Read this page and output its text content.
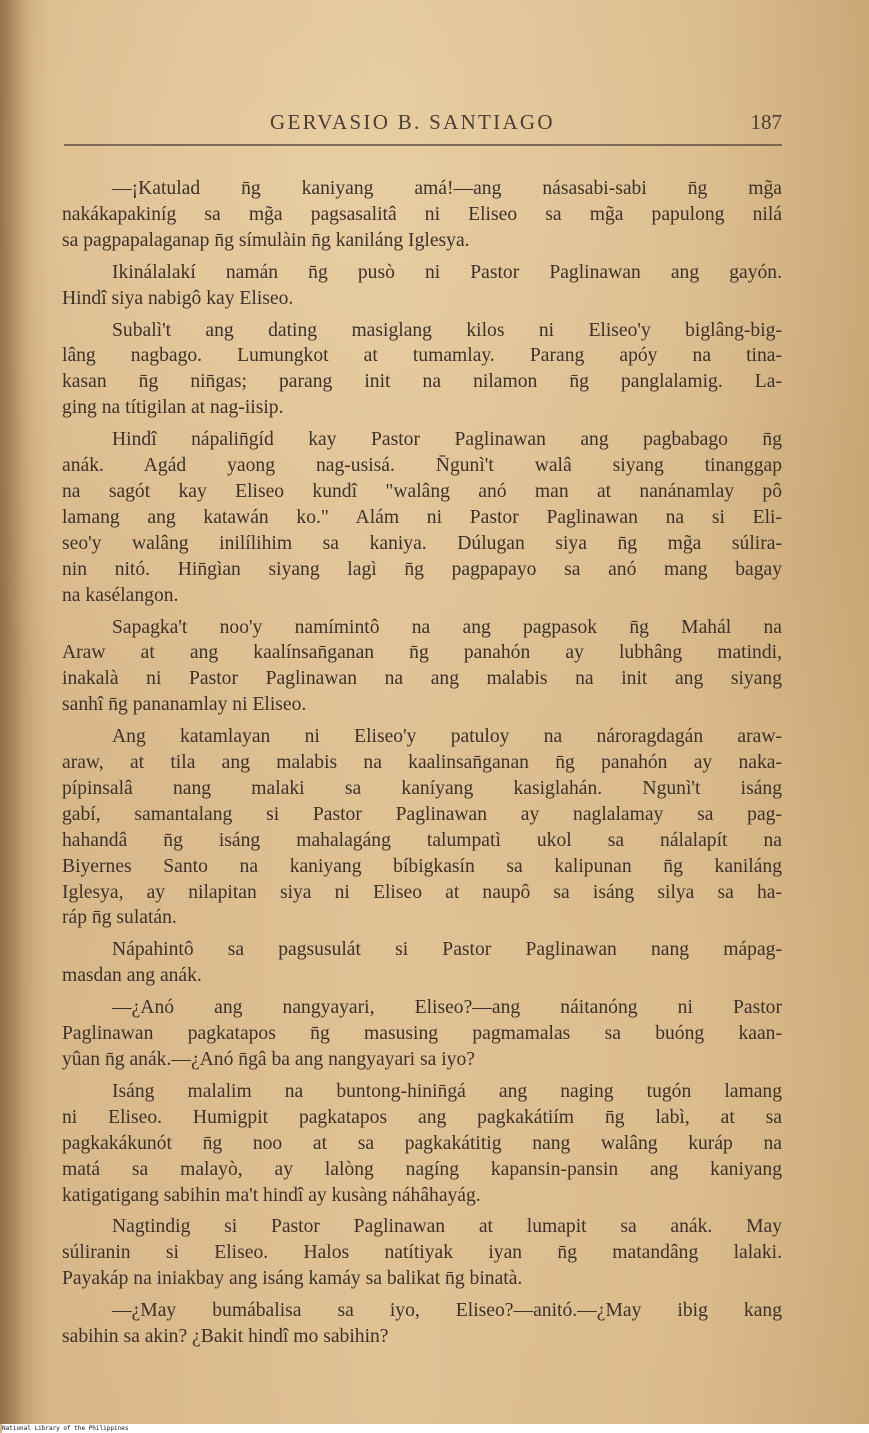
GERVASIO B. SANTIAGO	187
—¡Katulad n̄g kaniyang amá!—ang násasabi-sabi n̄g mg̃a
nakákapakiníg sa mg̃a pagsasalitâ ni Eliseo sa mg̃a papulong nilá
sa pagpapalaganap n̄g símulàin n̄g kaniláng Iglesya.
Ikinálalakí namán n̄g pusò ni Pastor Paglinawan ang gayón.
Hindî siya nabigô kay Eliseo.
Subalì't ang dating masiglang kilos ni Eliseo'y biglâng-big-
lâng nagbago. Lumungkot at tumamlay. Parang apóy na tina-
kasan n̄g nin̄gas; parang init na nilamon n̄g panglalamig. La-
ging na títigilan at nag-iisip.
Hindî nápalin̄gíd kay Pastor Paglinawan ang pagbabago n̄g
anák. Agád yaong nag-usisá. N̄gunì't walâ siyang tinanggap
na sagót kay Eliseo kundî "walâng anó man at nanánamlay pô
lamang ang katawán ko." Alám ni Pastor Paglinawan na si Eli-
seo'y walâng inilílihim sa kaniya. Dúlugan siya n̄g mg̃a súlira-
nin nitó. Hin̄gìan siyang lagì n̄g pagpapayo sa anó mang bagay
na kasélangon.
Sapagka't noo'y namímintô na ang pagpasok n̄g Mahál na
Araw at ang kaalínsan̄ganan n̄g panahón ay lubhâng matindi,
inakalà ni Pastor Paglinawan na ang malabis na init ang siyang
sanhî n̄g pananamlay ni Eliseo.
Ang katamlayan ni Eliseo'y patuloy na nároragdagán araw-
araw, at tila ang malabis na kaalinsan̄ganan n̄g panahón ay naka-
pípinsalâ nang malaki sa kaníyang kasiglahán. Ngunì't isáng
gabí, samantalang si Pastor Paglinawan ay naglalamay sa pag-
hahandâ n̄g isáng mahalagáng talumpatì ukol sa nálalapít na
Biyernes Santo na kaniyang bíbigkasín sa kalipunan n̄g kaniláng
Iglesya, ay nilapitan siya ni Eliseo at naupô sa isáng silya sa ha-
ráp n̄g sulatán.
Nápahintô sa pagsusulát si Pastor Paglinawan nang mápag-
masdan ang anák.
—¿Anó ang nangyayari, Eliseo?—ang náitanóng ni Pastor
Paglinawan pagkatapos n̄g masusing pagmamalas sa buóng kaan-
yûan n̄g anák.—¿Anó n̄gâ ba ang nangyayari sa iyo?
Isáng malalim na buntong-hinin̄gá ang naging tugón lamang
ni Eliseo. Humigpit pagkatapos ang pagkakátiím n̄g labì, at sa
pagkakákunót n̄g noo at sa pagkakátitig nang walâng kuráp na
matá sa malayò, ay lalòng nagíng kapansin-pansin ang kaniyang
katigatigang sabihin ma't hindî ay kusàng náhâhayág.
Nagtindig si Pastor Paglinawan at lumapit sa anák. May
súliranin si Eliseo. Halos natítiyak iyan n̄g matandâng lalaki.
Payakáp na iniakbay ang isáng kamáy sa balikat n̄g binatà.
—¿May bumábalisa sa iyo, Eliseo?—anitó.—¿May ibig kang
sabihin sa akin? ¿Bakit hindî mo sabihin?
National Library of the Philippines
